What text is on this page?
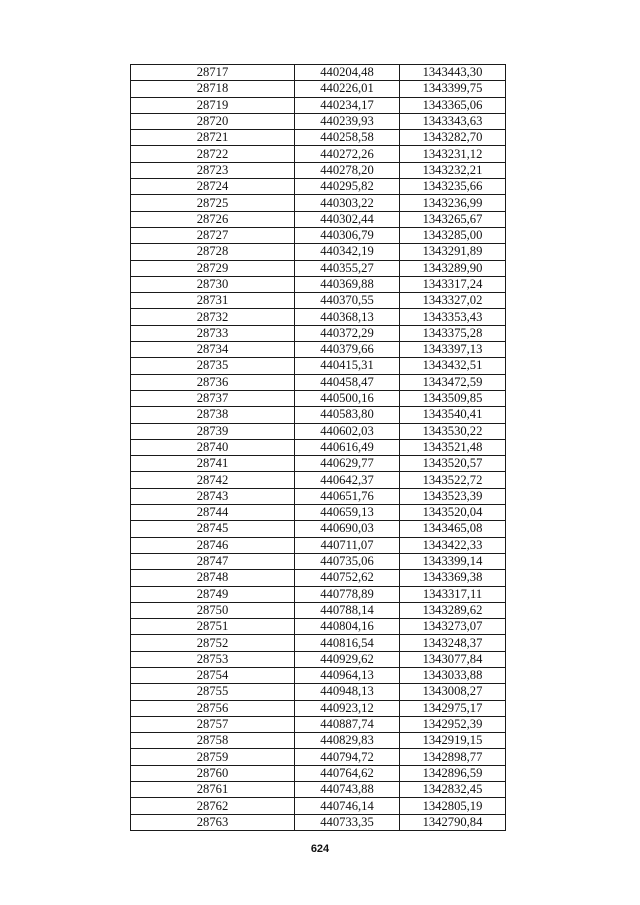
28717	440204,48	1343443,30
28718	440226,01	1343399,75
28719	440234,17	1343365,06
28720	440239,93	1343343,63
28721	440258,58	1343282,70
28722	440272,26	1343231,12
28723	440278,20	1343232,21
28724	440295,82	1343235,66
28725	440303,22	1343236,99
28726	440302,44	1343265,67
28727	440306,79	1343285,00
28728	440342,19	1343291,89
28729	440355,27	1343289,90
28730	440369,88	1343317,24
28731	440370,55	1343327,02
28732	440368,13	1343353,43
28733	440372,29	1343375,28
28734	440379,66	1343397,13
28735	440415,31	1343432,51
28736	440458,47	1343472,59
28737	440500,16	1343509,85
28738	440583,80	1343540,41
28739	440602,03	1343530,22
28740	440616,49	1343521,48
28741	440629,77	1343520,57
28742	440642,37	1343522,72
28743	440651,76	1343523,39
28744	440659,13	1343520,04
28745	440690,03	1343465,08
28746	440711,07	1343422,33
28747	440735,06	1343399,14
28748	440752,62	1343369,38
28749	440778,89	1343317,11
28750	440788,14	1343289,62
28751	440804,16	1343273,07
28752	440816,54	1343248,37
28753	440929,62	1343077,84
28754	440964,13	1343033,88
28755	440948,13	1343008,27
28756	440923,12	1342975,17
28757	440887,74	1342952,39
28758	440829,83	1342919,15
28759	440794,72	1342898,77
28760	440764,62	1342896,59
28761	440743,88	1342832,45
28762	440746,14	1342805,19
28763	440733,35	1342790,84
624
